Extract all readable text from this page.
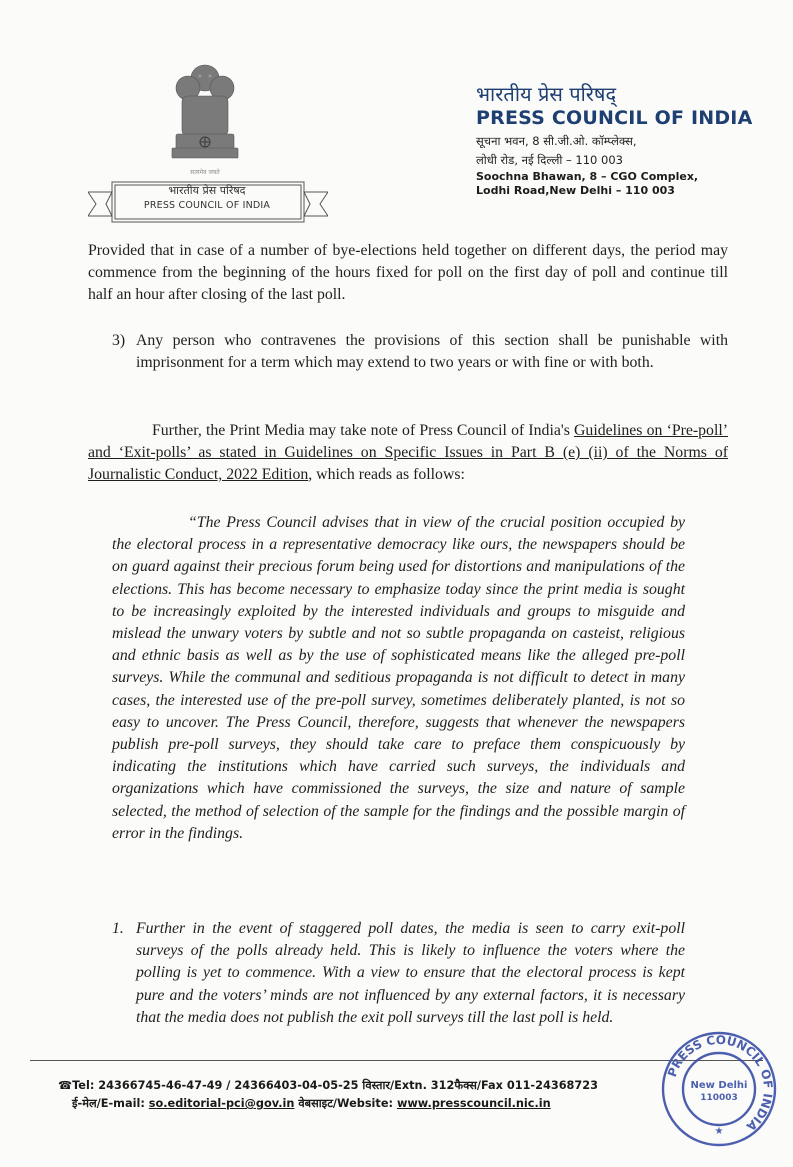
सत्यमेव जयते
भारतीय प्रेस परिषद
PRESS COUNCIL OF INDIA
भारतीय प्रेस परिषद्
PRESS COUNCIL OF INDIA
सूचना भवन, 8 सी.जी.ओ. कॉम्प्लेक्स,
लोधी रोड, नई दिल्ली – 110 003
Soochna Bhawan, 8 – CGO Complex,
Lodhi Road,New Delhi – 110 003
Provided that in case of a number of bye-elections held together on different days, the period may commence from the beginning of the hours fixed for poll on the first day of poll and continue till half an hour after closing of the last poll.
3) Any person who contravenes the provisions of this section shall be punishable with imprisonment for a term which may extend to two years or with fine or with both.
Further, the Print Media may take note of Press Council of India's Guidelines on ‘Pre-poll’ and ‘Exit-polls’ as stated in Guidelines on Specific Issues in Part B (e) (ii) of the Norms of Journalistic Conduct, 2022 Edition, which reads as follows:
“The Press Council advises that in view of the crucial position occupied by the electoral process in a representative democracy like ours, the newspapers should be on guard against their precious forum being used for distortions and manipulations of the elections. This has become necessary to emphasize today since the print media is sought to be increasingly exploited by the interested individuals and groups to misguide and mislead the unwary voters by subtle and not so subtle propaganda on casteist, religious and ethnic basis as well as by the use of sophisticated means like the alleged pre-poll surveys. While the communal and seditious propaganda is not difficult to detect in many cases, the interested use of the pre-poll survey, sometimes deliberately planted, is not so easy to uncover. The Press Council, therefore, suggests that whenever the newspapers publish pre-poll surveys, they should take care to preface them conspicuously by indicating the institutions which have carried such surveys, the individuals and organizations which have commissioned the surveys, the size and nature of sample selected, the method of selection of the sample for the findings and the possible margin of error in the findings.
1. Further in the event of staggered poll dates, the media is seen to carry exit-poll surveys of the polls already held. This is likely to influence the voters where the polling is yet to commence. With a view to ensure that the electoral process is kept pure and the voters’ minds are not influenced by any external factors, it is necessary that the media does not publish the exit poll surveys till the last poll is held.
☎Tel: 24366745-46-47-49 / 24366403-04-05-25 विस्तार/Extn. 312फैक्स/Fax 011-24368723
ई-मेल/E-mail: so.editorial-pci@gov.in वेबसाइट/Website: www.presscouncil.nic.in
PRESS COUNCIL OF INDIA
New Delhi
110003
★
